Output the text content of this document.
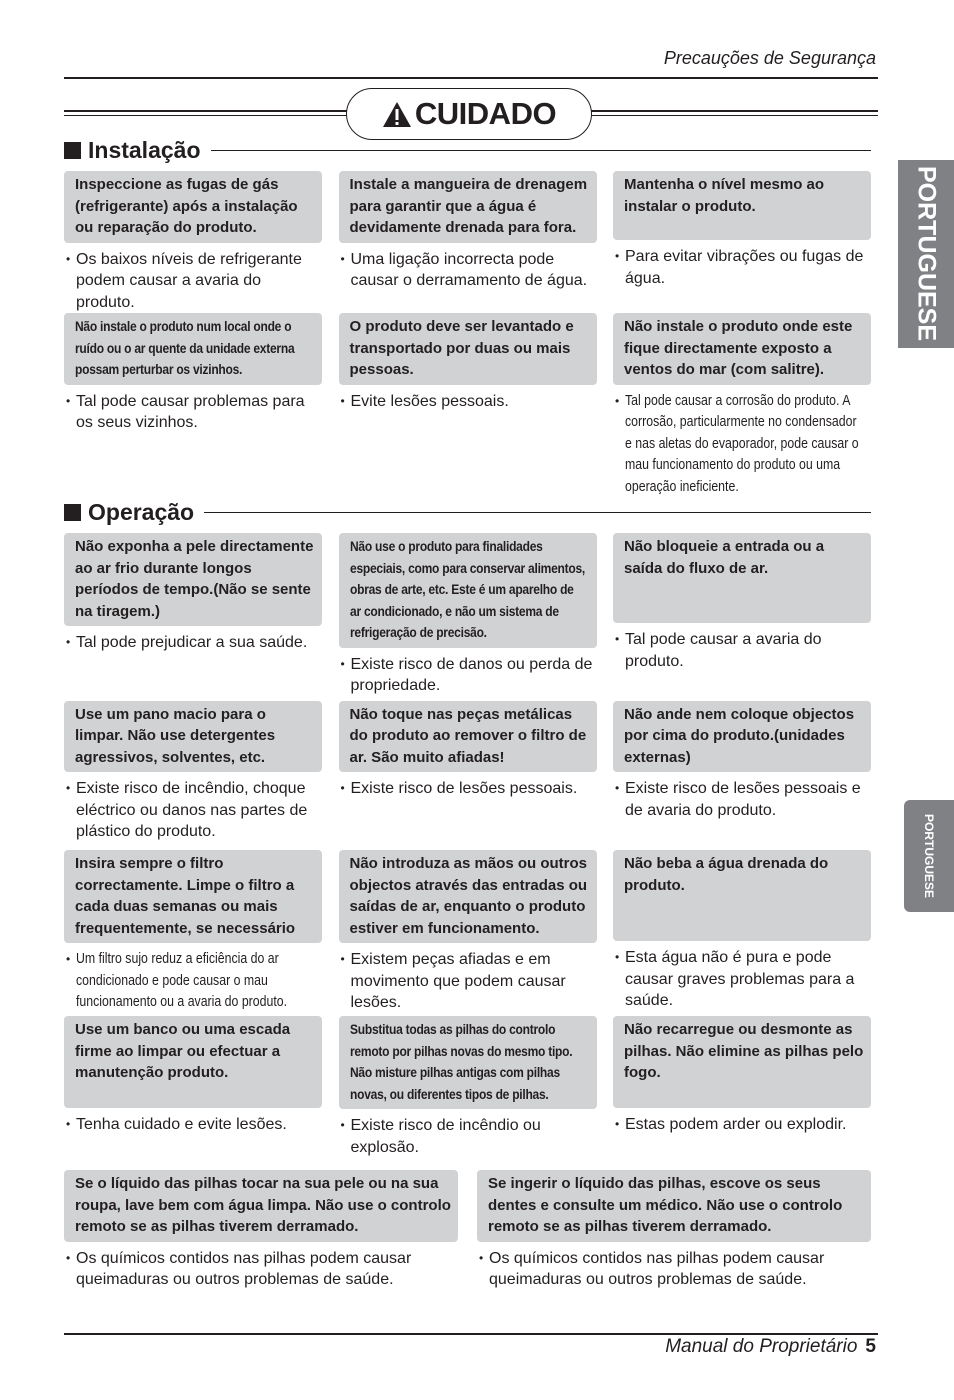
Precauções de Segurança
CUIDADO
Instalação
Inspeccione as fugas de gás (refrigerante) após a instalação ou reparação do produto.
• Os baixos níveis de refrigerante podem causar a avaria do produto.
Instale a mangueira de drenagem para garantir que a água é devidamente drenada para fora.
• Uma ligação incorrecta pode causar o derramamento de água.
Mantenha o nível mesmo ao instalar o produto.
• Para evitar vibrações ou fugas de água.
Não instale o produto num local onde o ruído ou o ar quente da unidade externa possam perturbar os vizinhos.
• Tal pode causar problemas para os seus vizinhos.
O produto deve ser levantado e transportado por duas ou mais pessoas.
• Evite lesões pessoais.
Não instale o produto onde este fique directamente exposto a ventos do mar (com salitre).
• Tal pode causar a corrosão do produto. A corrosão, particularmente no condensador e nas aletas do evaporador, pode causar o mau funcionamento do produto ou uma operação ineficiente.
Operação
Não exponha a pele directamente ao ar frio durante longos períodos de tempo.(Não se sente na tiragem.)
• Tal pode prejudicar a sua saúde.
Não use o produto para finalidades especiais, como para conservar alimentos, obras de arte, etc. Este é um aparelho de ar condicionado, e não um sistema de refrigeração de precisão.
• Existe risco de danos ou perda de propriedade.
Não bloqueie a entrada ou a saída do fluxo de ar.
• Tal pode causar a avaria do produto.
Use um pano macio para o limpar. Não use detergentes agressivos, solventes, etc.
• Existe risco de incêndio, choque eléctrico ou danos nas partes de plástico do produto.
Não toque nas peças metálicas do produto ao remover o filtro de ar. São muito afiadas!
• Existe risco de lesões pessoais.
Não ande nem coloque objectos por cima do produto.(unidades externas)
• Existe risco de lesões pessoais e de avaria do produto.
Insira sempre o filtro correctamente. Limpe o filtro a cada duas semanas ou mais frequentemente, se necessário
• Um filtro sujo reduz a eficiência do ar condicionado e pode causar o mau funcionamento ou a avaria do produto.
Não introduza as mãos ou outros objectos através das entradas ou saídas de ar, enquanto o produto estiver em funcionamento.
• Existem peças afiadas e em movimento que podem causar lesões.
Não beba a água drenada do produto.
• Esta água não é pura e pode causar graves problemas para a saúde.
Use um banco ou uma escada firme ao limpar ou efectuar a manutenção produto.
• Tenha cuidado e evite lesões.
Substitua todas as pilhas do controlo remoto por pilhas novas do mesmo tipo. Não misture pilhas antigas com pilhas novas, ou diferentes tipos de pilhas.
• Existe risco de incêndio ou explosão.
Não recarregue ou desmonte as pilhas. Não elimine as pilhas pelo fogo.
• Estas podem arder ou explodir.
Se o líquido das pilhas tocar na sua pele ou na sua roupa, lave bem com água limpa. Não use o controlo remoto se as pilhas tiverem derramado.
• Os químicos contidos nas pilhas podem causar queimaduras ou outros problemas de saúde.
Se ingerir o líquido das pilhas, escove os seus dentes e consulte um médico. Não use o controlo remoto se as pilhas tiverem derramado.
• Os químicos contidos nas pilhas podem causar queimaduras ou outros problemas de saúde.
PORTUGUESE
PORTUGUESE
Manual do Proprietário 5
